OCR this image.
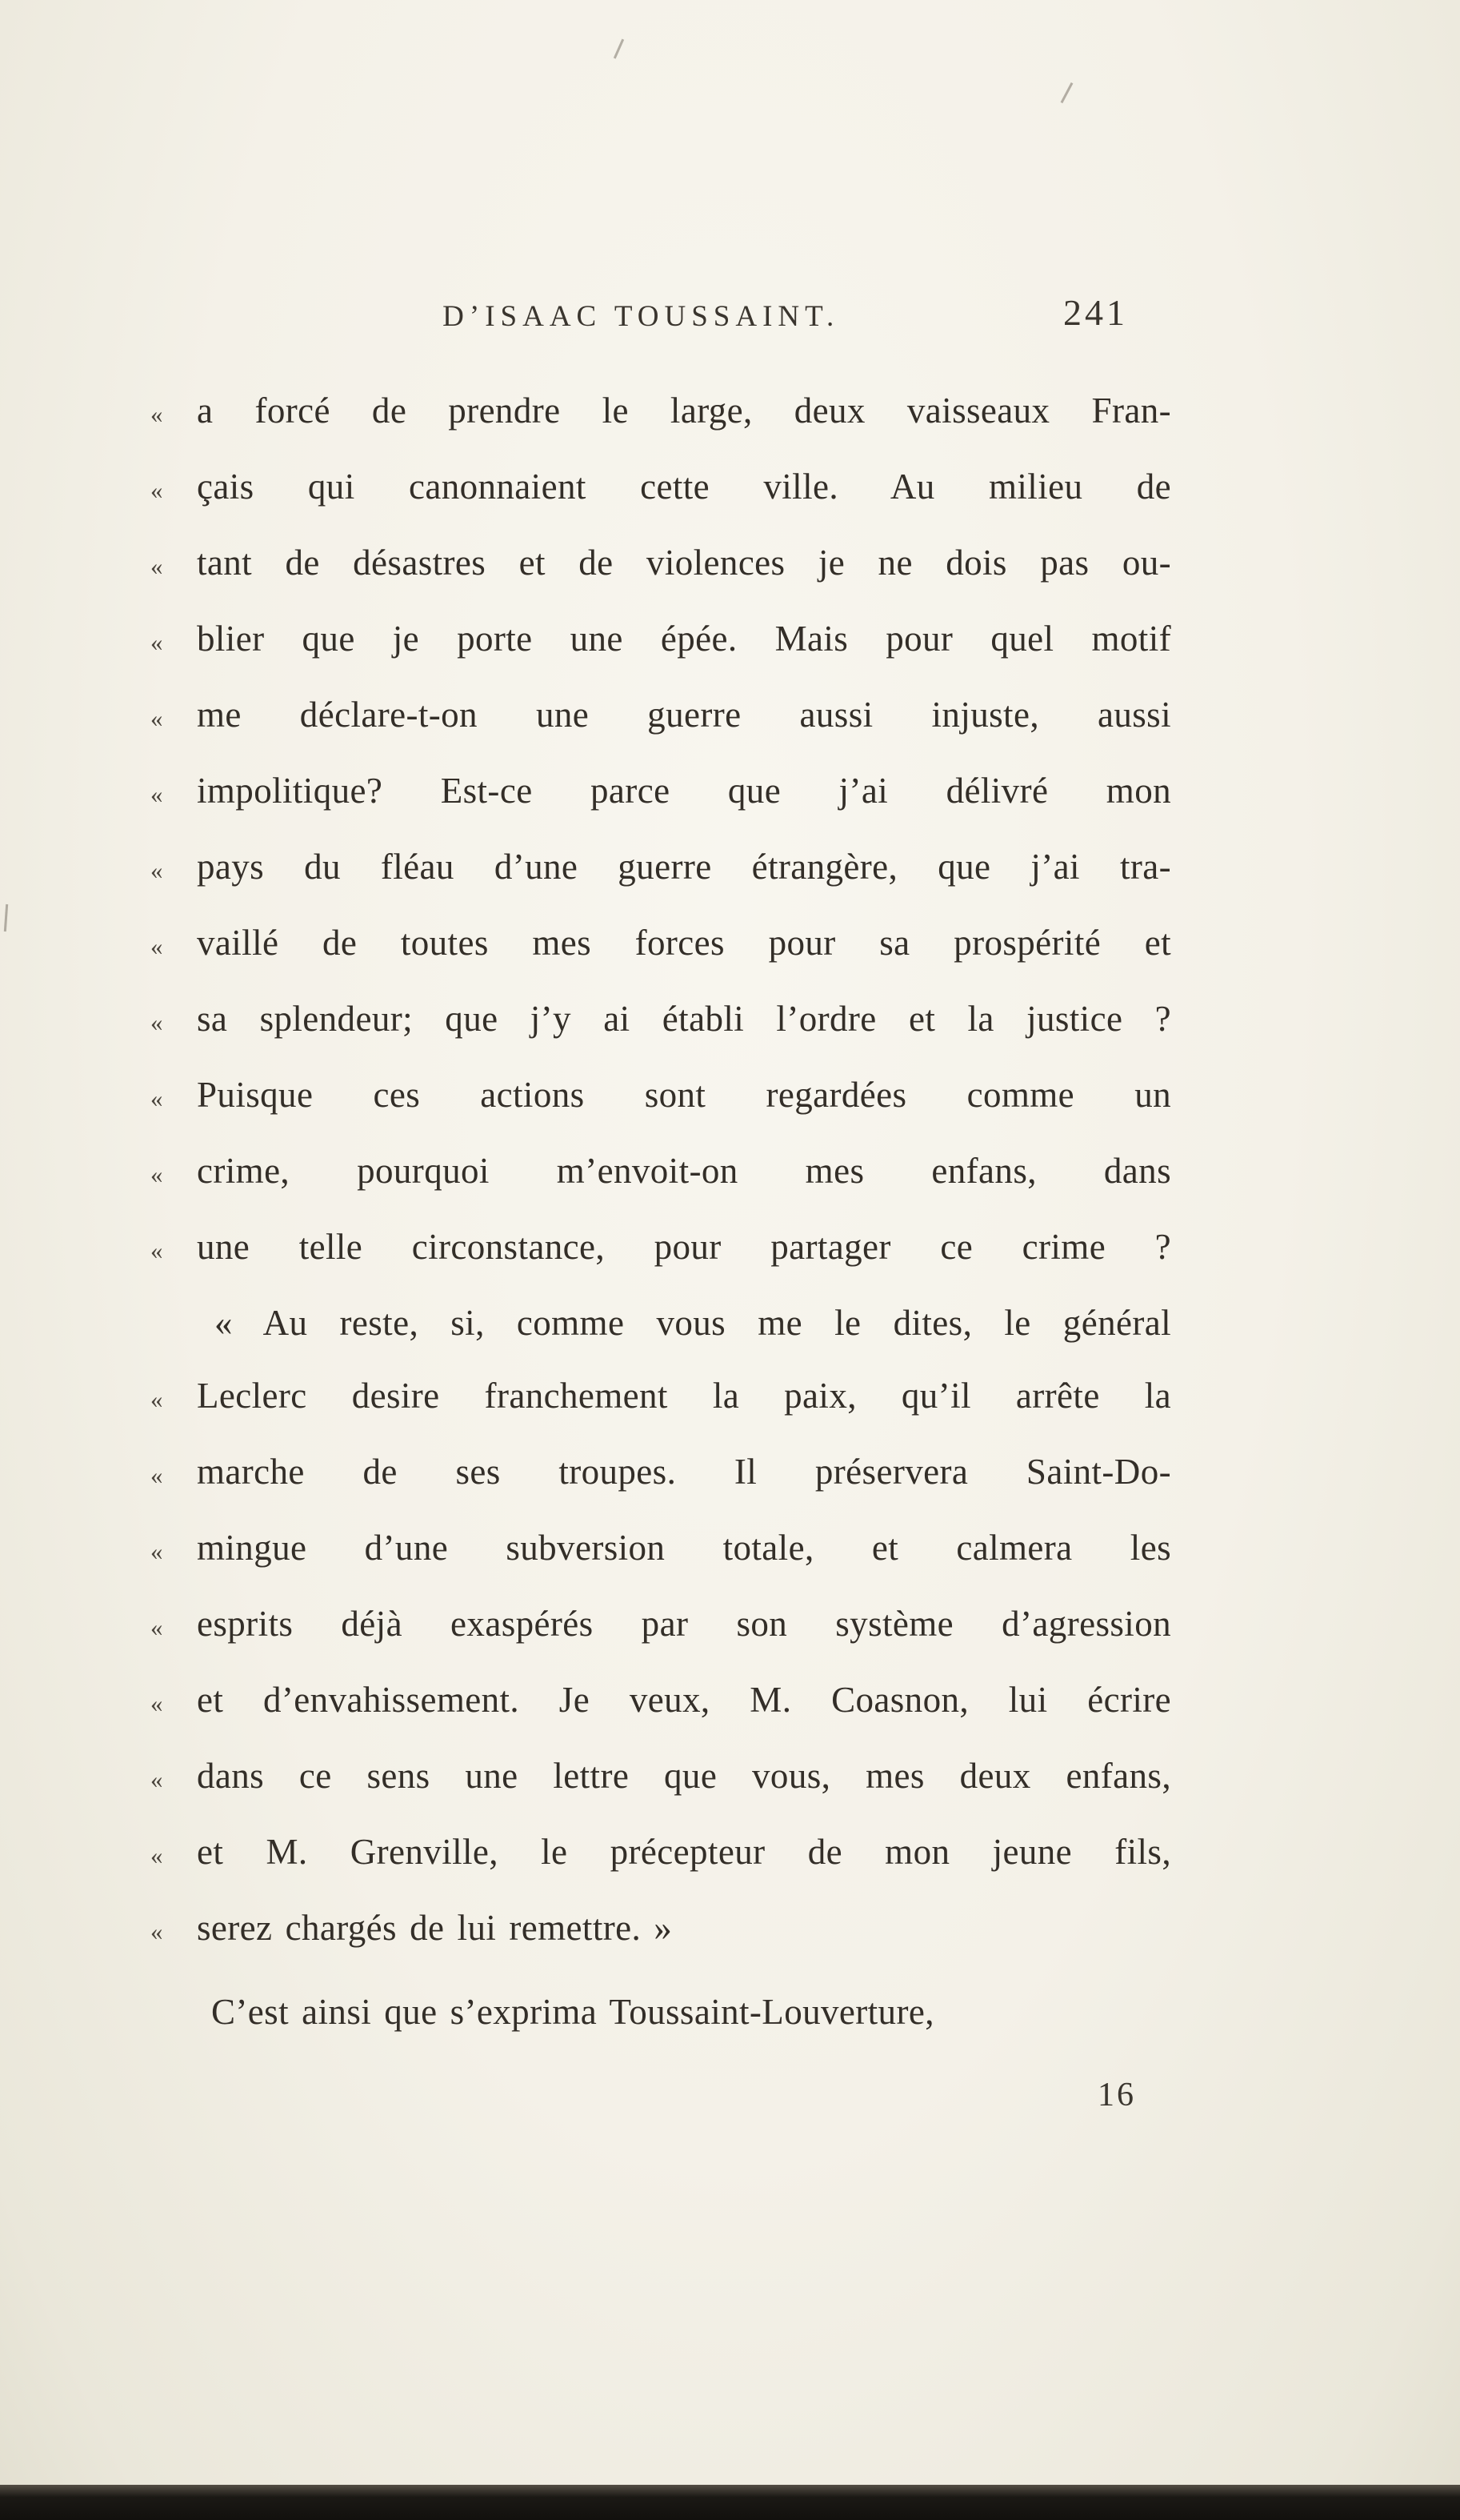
D’ISAAC TOUSSAINT.	241
« a forcé de prendre le large, deux vaisseaux Fran-
« çais qui canonnaient cette ville. Au milieu de
« tant de désastres et de violences je ne dois pas ou-
« blier que je porte une épée. Mais pour quel motif
« me déclare-t-on une guerre aussi injuste, aussi
« impolitique? Est-ce parce que j’ai délivré mon
« pays du fléau d’une guerre étrangère, que j’ai tra-
« vaillé de toutes mes forces pour sa prospérité et
« sa splendeur; que j’y ai établi l’ordre et la justice ?
« Puisque ces actions sont regardées comme un
« crime, pourquoi m’envoit-on mes enfans, dans
« une telle circonstance, pour partager ce crime ?
« Au reste, si, comme vous me le dites, le général
« Leclerc desire franchement la paix, qu’il arrête la
« marche de ses troupes. Il préservera Saint-Do-
« mingue d’une subversion totale, et calmera les
« esprits déjà exaspérés par son système d’agression
« et d’envahissement. Je veux, M. Coasnon, lui écrire
« dans ce sens une lettre que vous, mes deux enfans,
« et M. Grenville, le précepteur de mon jeune fils,
« serez chargés de lui remettre. »

C’est ainsi que s’exprima Toussaint-Louverture,

16
